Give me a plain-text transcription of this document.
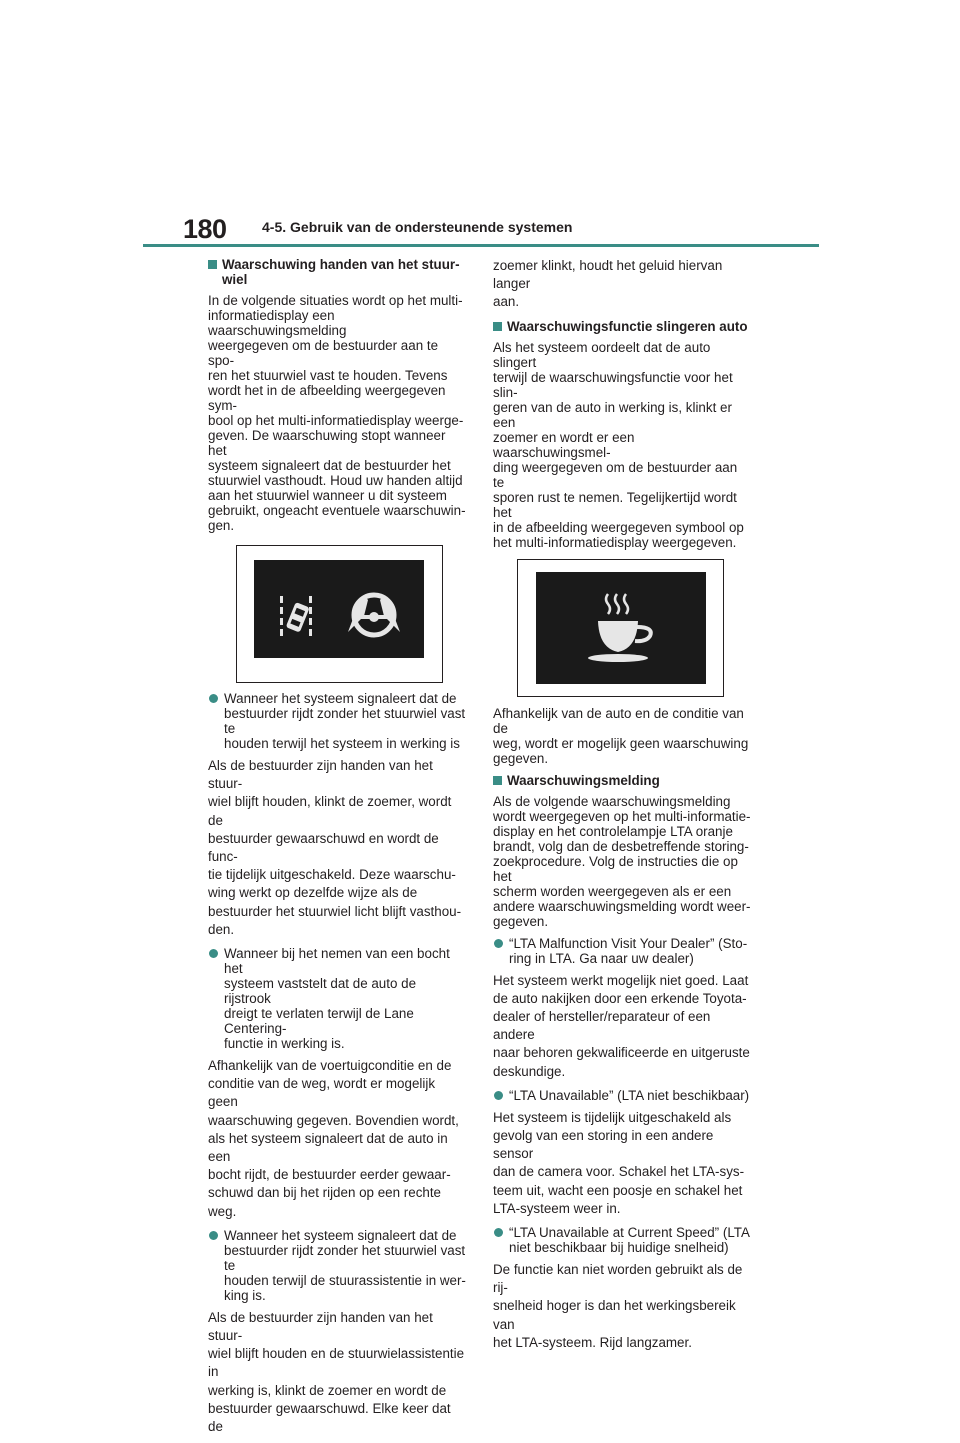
180	4-5. Gebruik van de ondersteunende systemen
Waarschuwing handen van het stuur-
wiel

In de volgende situaties wordt op het multi-
informatiedisplay een waarschuwingsmelding
weergegeven om de bestuurder aan te spo-
ren het stuurwiel vast te houden. Tevens
wordt het in de afbeelding weergegeven sym-
bool op het multi-informatiedisplay weerge-
geven. De waarschuwing stopt wanneer het
systeem signaleert dat de bestuurder het
stuurwiel vasthoudt. Houd uw handen altijd
aan het stuurwiel wanneer u dit systeem
gebruikt, ongeacht eventuele waarschuwin-
gen.

Wanneer het systeem signaleert dat de
bestuurder rijdt zonder het stuurwiel vast te
houden terwijl het systeem in werking is

Als de bestuurder zijn handen van het stuur-
wiel blijft houden, klinkt de zoemer, wordt de
bestuurder gewaarschuwd en wordt de func-
tie tijdelijk uitgeschakeld. Deze waarschu-
wing werkt op dezelfde wijze als de
bestuurder het stuurwiel licht blijft vasthou-
den.

Wanneer bij het nemen van een bocht het
systeem vaststelt dat de auto de rijstrook
dreigt te verlaten terwijl de Lane Centering-
functie in werking is.

Afhankelijk van de voertuigconditie en de
conditie van de weg, wordt er mogelijk geen
waarschuwing gegeven. Bovendien wordt,
als het systeem signaleert dat de auto in een
bocht rijdt, de bestuurder eerder gewaar-
schuwd dan bij het rijden op een rechte weg.

Wanneer het systeem signaleert dat de
bestuurder rijdt zonder het stuurwiel vast te
houden terwijl de stuurassistentie in wer-
king is.

Als de bestuurder zijn handen van het stuur-
wiel blijft houden en de stuurwielassistentie in
werking is, klinkt de zoemer en wordt de
bestuurder gewaarschuwd. Elke keer dat de

zoemer klinkt, houdt het geluid hiervan langer
aan.

Waarschuwingsfunctie slingeren auto

Als het systeem oordeelt dat de auto slingert
terwijl de waarschuwingsfunctie voor het slin-
geren van de auto in werking is, klinkt er een
zoemer en wordt er een waarschuwingsmel-
ding weergegeven om de bestuurder aan te
sporen rust te nemen. Tegelijkertijd wordt het
in de afbeelding weergegeven symbool op
het multi-informatiedisplay weergegeven.

Afhankelijk van de auto en de conditie van de
weg, wordt er mogelijk geen waarschuwing
gegeven.

Waarschuwingsmelding

Als de volgende waarschuwingsmelding
wordt weergegeven op het multi-informatie-
display en het controlelampje LTA oranje
brandt, volg dan de desbetreffende storing-
zoekprocedure. Volg de instructies die op het
scherm worden weergegeven als er een
andere waarschuwingsmelding wordt weer-
gegeven.

“LTA Malfunction Visit Your Dealer” (Sto-
ring in LTA. Ga naar uw dealer)

Het systeem werkt mogelijk niet goed. Laat
de auto nakijken door een erkende Toyota-
dealer of hersteller/reparateur of een andere
naar behoren gekwalificeerde en uitgeruste
deskundige.

“LTA Unavailable” (LTA niet beschikbaar)

Het systeem is tijdelijk uitgeschakeld als
gevolg van een storing in een andere sensor
dan de camera voor. Schakel het LTA-sys-
teem uit, wacht een poosje en schakel het
LTA-systeem weer in.

“LTA Unavailable at Current Speed” (LTA
niet beschikbaar bij huidige snelheid)

De functie kan niet worden gebruikt als de rij-
snelheid hoger is dan het werkingsbereik van
het LTA-systeem. Rijd langzamer.
